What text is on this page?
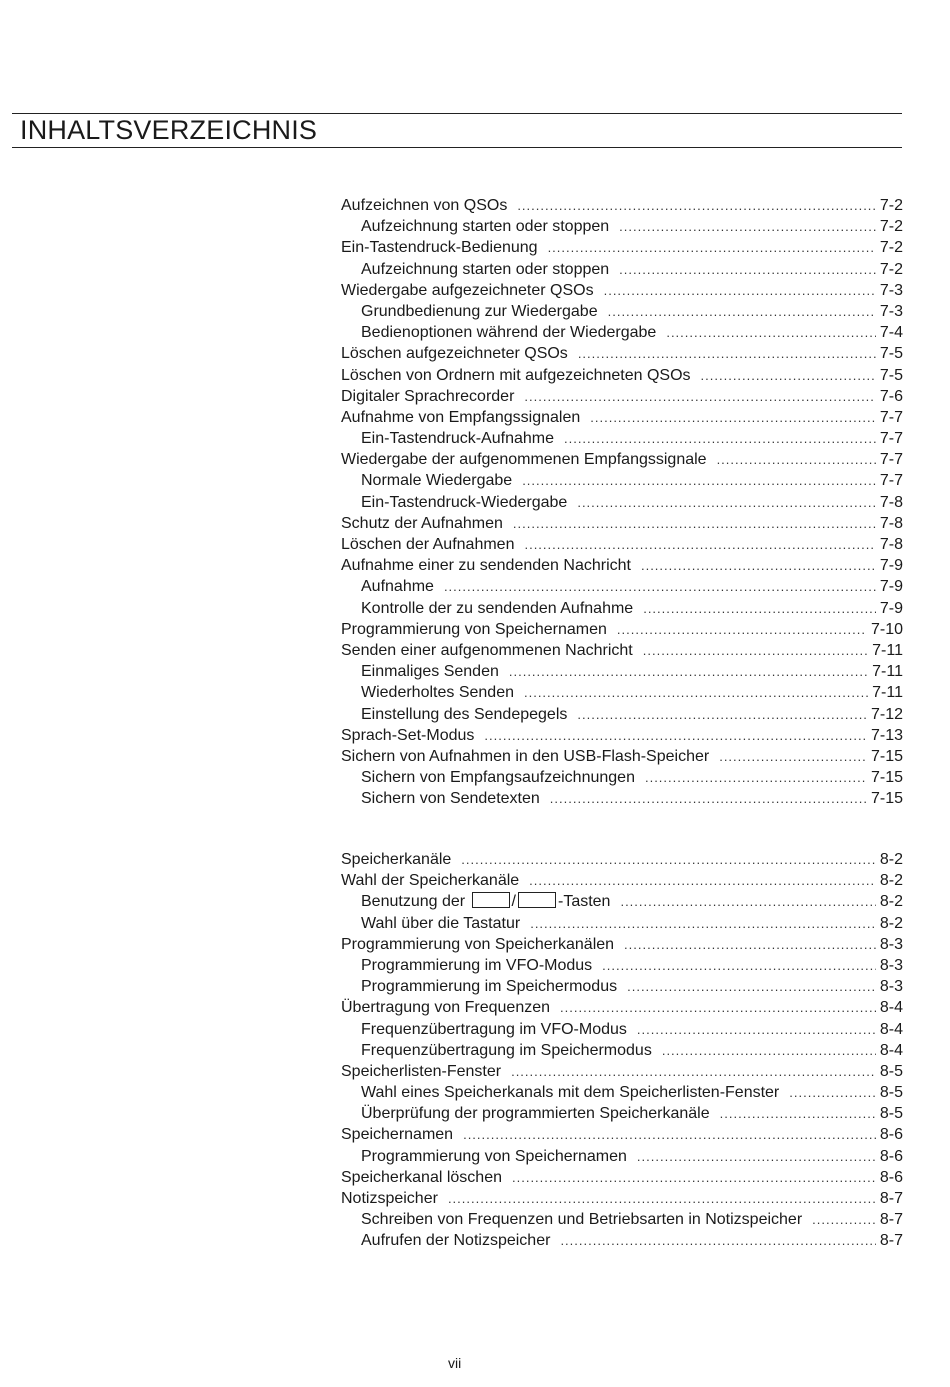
INHALTSVERZEICHNIS
Aufzeichnen von QSOs .....	7-2
Aufzeichnung starten oder stoppen .....	7-2
Ein-Tastendruck-Bedienung .....	7-2
Aufzeichnung starten oder stoppen .....	7-2
Wiedergabe aufgezeichneter QSOs .....	7-3
Grundbedienung zur Wiedergabe .....	7-3
Bedienoptionen während der Wiedergabe .....	7-4
Löschen aufgezeichneter QSOs .....	7-5
Löschen von Ordnern mit aufgezeichneten QSOs .....	7-5
Digitaler Sprachrecorder .....	7-6
Aufnahme von Empfangssignalen .....	7-7
Ein-Tastendruck-Aufnahme .....	7-7
Wiedergabe der aufgenommenen Empfangssignale .....	7-7
Normale Wiedergabe .....	7-7
Ein-Tastendruck-Wiedergabe .....	7-8
Schutz der Aufnahmen .....	7-8
Löschen der Aufnahmen .....	7-8
Aufnahme einer zu sendenden Nachricht .....	7-9
Aufnahme .....	7-9
Kontrolle der zu sendenden Aufnahme .....	7-9
Programmierung von Speichernamen .....	7-10
Senden einer aufgenommenen Nachricht .....	7-11
Einmaliges Senden .....	7-11
Wiederholtes Senden .....	7-11
Einstellung des Sendepegels .....	7-12
Sprach-Set-Modus .....	7-13
Sichern von Aufnahmen in den USB-Flash-Speicher .....	7-15
Sichern von Empfangsaufzeichnungen .....	7-15
Sichern von Sendetexten .....	7-15
Speicherkanäle .....	8-2
Wahl der Speicherkanäle .....	8-2
Benutzung der	/	-Tasten .....	8-2
Wahl über die Tastatur .....	8-2
Programmierung von Speicherkanälen .....	8-3
Programmierung im VFO-Modus .....	8-3
Programmierung im Speichermodus .....	8-3
Übertragung von Frequenzen .....	8-4
Frequenzübertragung im VFO-Modus .....	8-4
Frequenzübertragung im Speichermodus .....	8-4
Speicherlisten-Fenster .....	8-5
Wahl eines Speicherkanals mit dem Speicherlisten-Fenster .....	8-5
Überprüfung der programmierten Speicherkanäle .....	8-5
Speichernamen .....	8-6
Programmierung von Speichernamen .....	8-6
Speicherkanal löschen .....	8-6
Notizspeicher .....	8-7
Schreiben von Frequenzen und Betriebsarten in Notizspeicher .....	8-7
Aufrufen der Notizspeicher .....	8-7
vii
